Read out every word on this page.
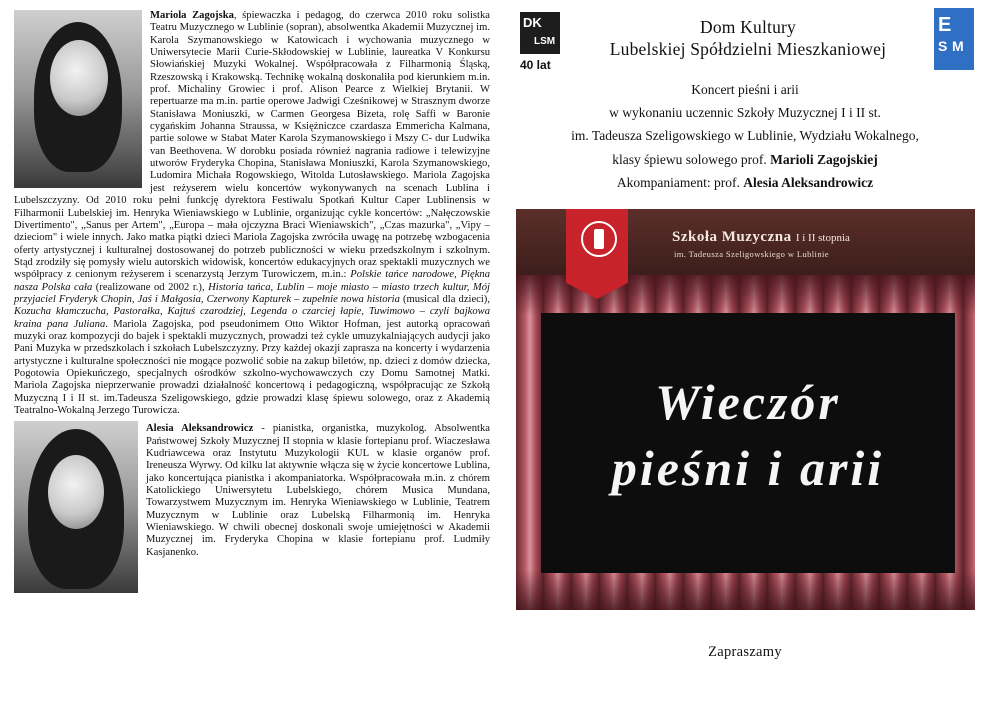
Mariola Zagojska, śpiewaczka i pedagog, do czerwca 2010 roku solistka Teatru Muzycznego w Lublinie (sopran), absolwentka Akademii Muzycznej im. Karola Szymanowskiego w Katowicach i wychowania muzycznego w Uniwersytecie Marii Curie-Skłodowskiej w Lublinie, laureatka V Konkursu Słowiańskiej Muzyki Wokalnej. Współpracowała z Filharmonią Śląską, Rzeszowską i Krakowską. Technikę wokalną doskonaliła pod kierunkiem m.in. prof. Michaliny Growiec i prof. Alison Pearce z Wielkiej Brytanii. W repertuarze ma m.in. partie operowe Jadwigi Cześnikowej w Strasznym dworze Stanisława Moniuszki, w Carmen Georgesa Bizeta, rolę Saffi w Baronie cygańskim Johanna Straussa, w Księżniczce czardasza Emmericha Kalmana, partie solowe w Stabat Mater Karola Szymanowskiego i Mszy C- dur Ludwika van Beethovena. W dorobku posiada również nagrania radiowe i telewizyjne utworów Fryderyka Chopina, Stanisława Moniuszki, Karola Szymanowskiego, Ludomira Michała Rogowskiego, Witolda Lutosławskiego. Mariola Zagojska jest reżyserem wielu koncertów wykonywanych na scenach Lublina i Lubelszczyzny. Od 2010 roku pełni funkcję dyrektora Festiwalu Spotkań Kultur Caper Lublinensis w Filharmonii Lubelskiej im. Henryka Wieniawskiego w Lublinie, organizując cykle koncertów: „Nałęczowskie Divertimento", „Sanus per Artem", „Europa – mała ojczyzna Braci Wieniawskich", „Czas mazurka", „Vipy – dzieciom" i wiele innych. Jako matka piątki dzieci Mariola Zagojska zwróciła uwagę na potrzebę wzbogacenia oferty artystycznej i kulturalnej dostosowanej do potrzeb publiczności w wieku przedszkolnym i szkolnym. Stąd zrodziły się pomysły wielu autorskich widowisk, koncertów edukacyjnych oraz spektakli muzycznych we współpracy z cenionym reżyserem i scenarzystą Jerzym Turowiczem, m.in.: Polskie tańce narodowe, Piękna nasza Polska cała (realizowane od 2002 r.), Historia tańca, Lublin – moje miasto – miasto trzech kultur, Mój przyjaciel Fryderyk Chopin, Jaś i Małgosia, Czerwony Kapturek – zupełnie nowa historia (musical dla dzieci), Kozucha kłamczucha, Pastorałka, Kajtuś czarodziej, Legenda o czarciej łapie, Tuwimowo – czyli bajkowa kraina pana Juliana. Mariola Zagojska, pod pseudonimem Otto Wiktor Hofman, jest autorką opracowań muzyki oraz kompozycji do bajek i spektakli muzycznych, prowadzi też cykle umuzykalniających audycji jako Pani Muzyka w przedszkolach i szkołach Lubelszczyzny. Przy każdej okazji zaprasza na koncerty i wydarzenia artystyczne i kulturalne społeczności nie mogące pozwolić sobie na zakup biletów, np. dzieci z domów dziecka, Pogotowia Opiekuńczego, specjalnych ośrodków szkolno-wychowawczych czy Domu Samotnej Matki. Mariola Zagojska nieprzerwanie prowadzi działalność koncertową i pedagogiczną, współpracując ze Szkołą Muzyczną I i II st. im.Tadeusza Szeligowskiego, gdzie prowadzi klasę śpiewu solowego, oraz z Akademią Teatralno-Wokalną Jerzego Turowicza.

Alesia Aleksandrowicz - pianistka, organistka, muzykolog. Absolwentka Państwowej Szkoły Muzycznej II stopnia w klasie fortepianu prof. Wiaczesława Kudriawcewa oraz Instytutu Muzykologii KUL w klasie organów prof. Ireneusza Wyrwy. Od kilku lat aktywnie włącza się w życie koncertowe Lublina, jako koncertująca pianistka i akompaniatorka. Współpracowała m.in. z chórem Katolickiego Uniwersytetu Lubelskiego, chórem Musica Mundana, Towarzystwem Muzycznym im. Henryka Wieniawskiego w Lublinie, Teatrem Muzycznym w Lublinie oraz Lubelską Filharmonią im. Henryka Wieniawskiego. W chwili obecnej doskonali swoje umiejętności w Akademii Muzycznej im. Fryderyka Chopina w klasie fortepianu prof. Ludmiły Kasjanenko.

DK
LSM
40 lat
Dom Kultury
Lubelskiej Spółdzielni Mieszkaniowej
E
S M
Koncert pieśni i arii
w wykonaniu uczennic Szkoły Muzycznej I i II st.
im. Tadeusza Szeligowskiego w Lublinie, Wydziału Wokalnego,
klasy śpiewu solowego prof. Marioli Zagojskiej
Akompaniament: prof. Alesia Aleksandrowicz
Szkoła Muzyczna I i II stopnia
im. Tadeusza Szeligowskiego w Lublinie
Wieczór
pieśni i arii
Zapraszamy
